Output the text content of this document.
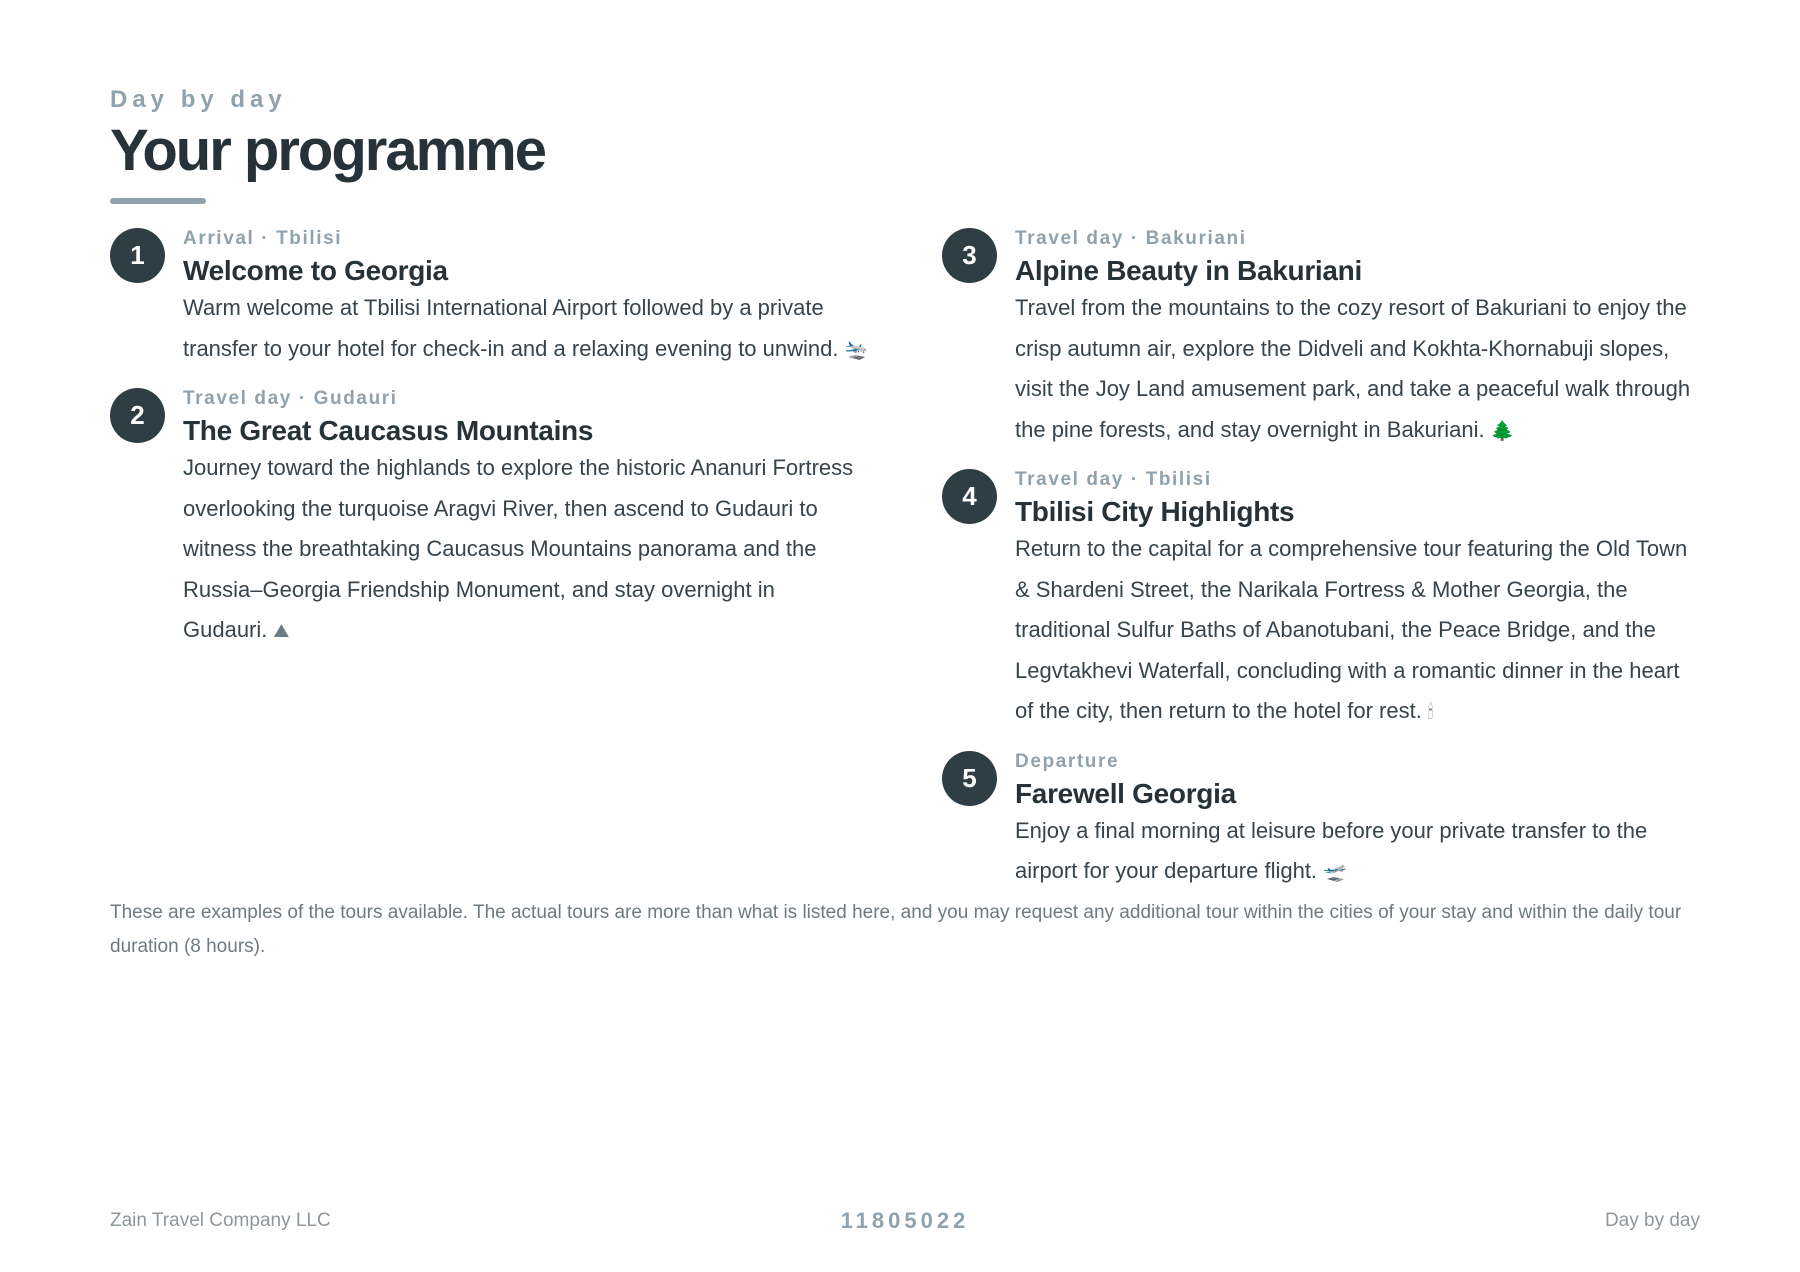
Day by day
Your programme
1
Arrival · Tbilisi
Welcome to Georgia
Warm welcome at Tbilisi International Airport followed by a private transfer to your hotel for check-in and a relaxing evening to unwind. 🛬
2
Travel day · Gudauri
The Great Caucasus Mountains
Journey toward the highlands to explore the historic Ananuri Fortress overlooking the turquoise Aragvi River, then ascend to Gudauri to witness the breathtaking Caucasus Mountains panorama and the Russia–Georgia Friendship Monument, and stay overnight in Gudauri. ⛰
3
Travel day · Bakuriani
Alpine Beauty in Bakuriani
Travel from the mountains to the cozy resort of Bakuriani to enjoy the crisp autumn air, explore the Didveli and Kokhta-Khornabuji slopes, visit the Joy Land amusement park, and take a peaceful walk through the pine forests, and stay overnight in Bakuriani. 🌲
4
Travel day · Tbilisi
Tbilisi City Highlights
Return to the capital for a comprehensive tour featuring the Old Town & Shardeni Street, the Narikala Fortress & Mother Georgia, the traditional Sulfur Baths of Abanotubani, the Peace Bridge, and the Legvtakhevi Waterfall, concluding with a romantic dinner in the heart of the city, then return to the hotel for rest. 🕯
5
Departure
Farewell Georgia
Enjoy a final morning at leisure before your private transfer to the airport for your departure flight. 🛫
These are examples of the tours available. The actual tours are more than what is listed here, and you may request any additional tour within the cities of your stay and within the daily tour duration (8 hours).
Zain Travel Company LLC	11805022	Day by day
